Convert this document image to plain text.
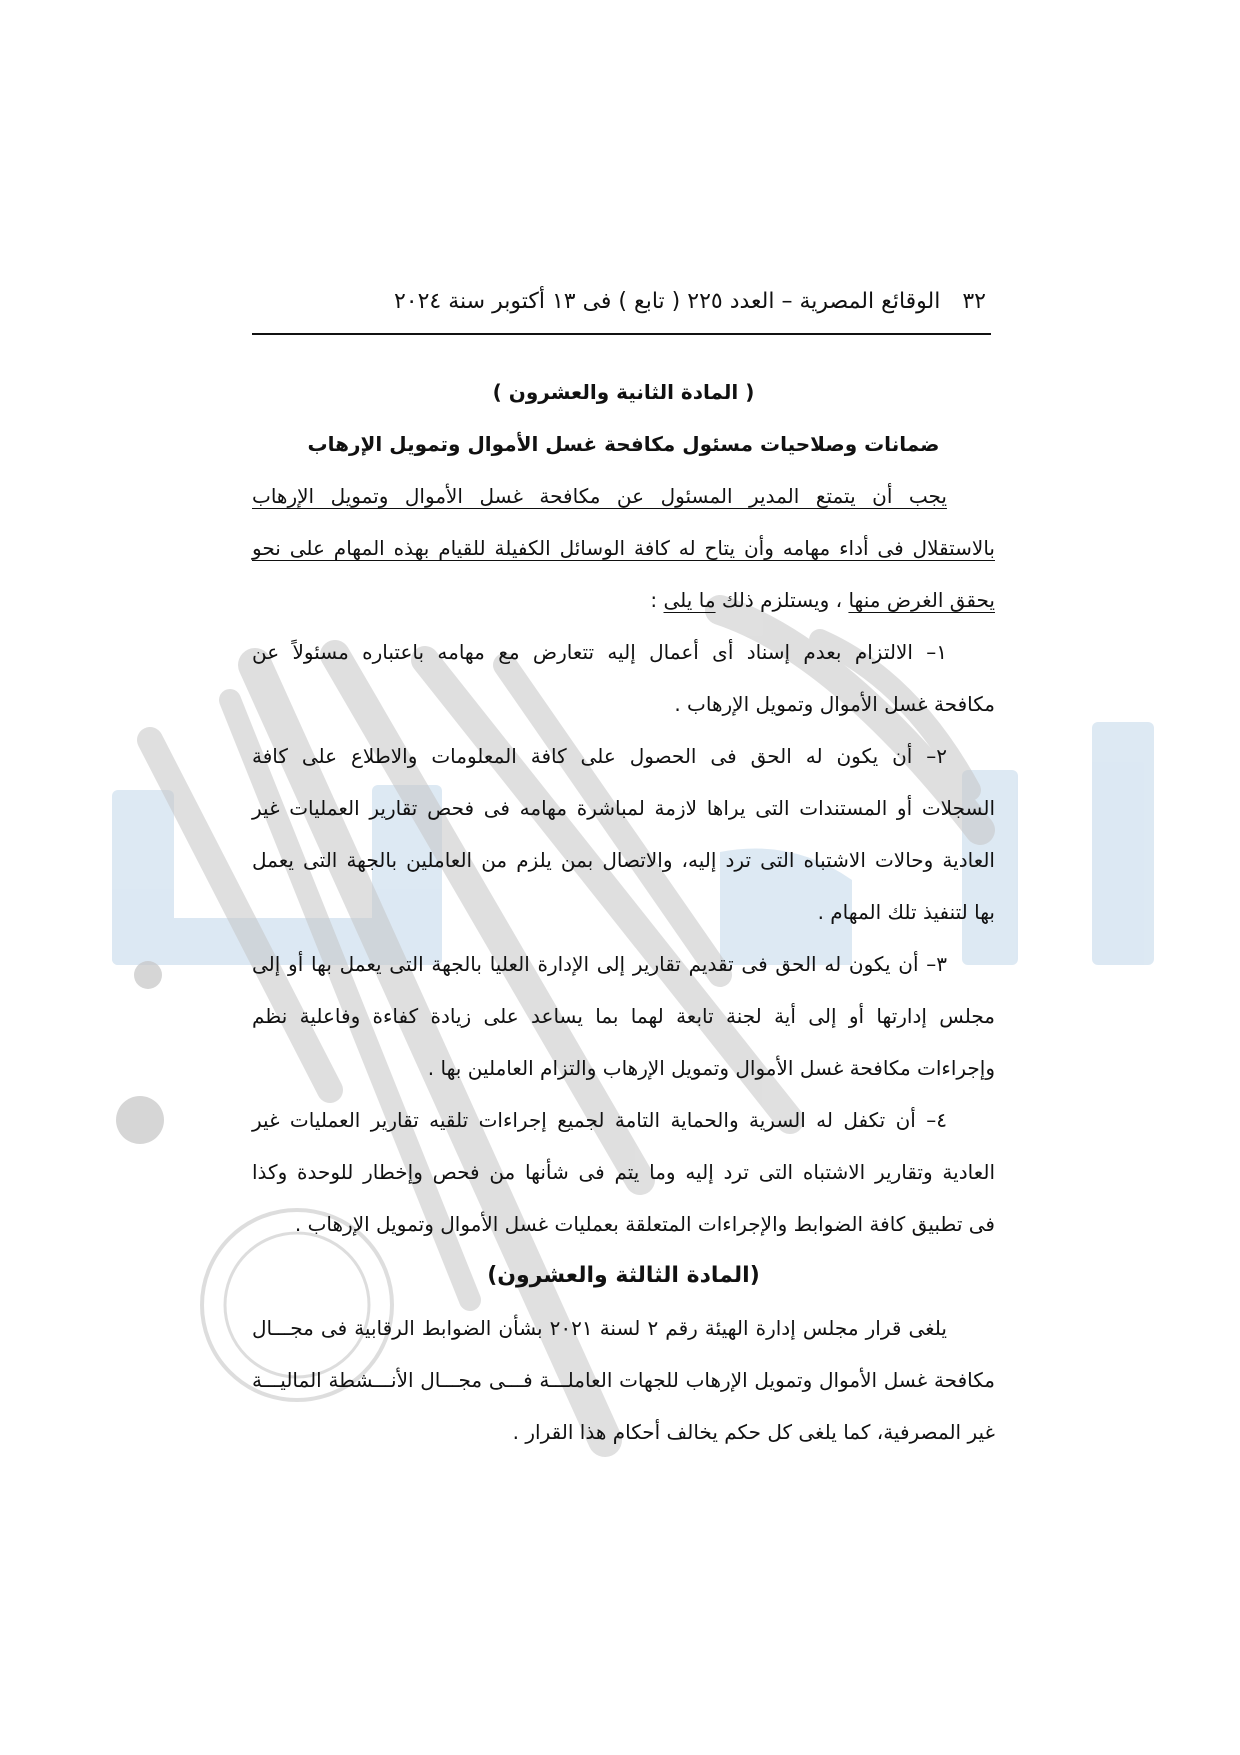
٣٢
الوقائع المصرية – العدد ٢٢٥ ( تابع ) فى ١٣ أكتوبر سنة ٢٠٢٤
( المادة الثانية والعشرون )
ضمانات وصلاحيات مسئول مكافحة غسل الأموال وتمويل الإرهاب
يجب أن يتمتع المدير المسئول عن مكافحة غسل الأموال وتمويل الإرهاب
بالاستقلال فى أداء مهامه وأن يتاح له كافة الوسائل الكفيلة للقيام بهذه المهام على نحو
يحقق الغرض منها ، ويستلزم ذلك ما يلى :
١– الالتزام بعدم إسناد أى أعمال إليه تتعارض مع مهامه باعتباره مسئولاً عن
مكافحة غسل الأموال وتمويل الإرهاب .
٢– أن يكون له الحق فى الحصول على كافة المعلومات والاطلاع على كافة
السجلات أو المستندات التى يراها لازمة لمباشرة مهامه فى فحص تقارير العمليات غير
العادية وحالات الاشتباه التى ترد إليه، والاتصال بمن يلزم من العاملين بالجهة التى يعمل
بها لتنفيذ تلك المهام .
٣– أن يكون له الحق فى تقديم تقارير إلى الإدارة العليا بالجهة التى يعمل بها أو إلى
مجلس إدارتها أو إلى أية لجنة تابعة لهما بما يساعد على زيادة كفاءة وفاعلية نظم
وإجراءات مكافحة غسل الأموال وتمويل الإرهاب والتزام العاملين بها .
٤– أن تكفل له السرية والحماية التامة لجميع إجراءات تلقيه تقارير العمليات غير
العادية وتقارير الاشتباه التى ترد إليه وما يتم فى شأنها من فحص وإخطار للوحدة وكذا
فى تطبيق كافة الضوابط والإجراءات المتعلقة بعمليات غسل الأموال وتمويل الإرهاب .
(المادة الثالثة والعشرون)
يلغى قرار مجلس إدارة الهيئة رقم ٢ لسنة ٢٠٢١ بشأن الضوابط الرقابية فى مجـــال
مكافحة غسل الأموال وتمويل الإرهاب للجهات العاملـــة فـــى مجـــال الأنـــشطة الماليـــة
غير المصرفية، كما يلغى كل حكم يخالف أحكام هذا القرار .
